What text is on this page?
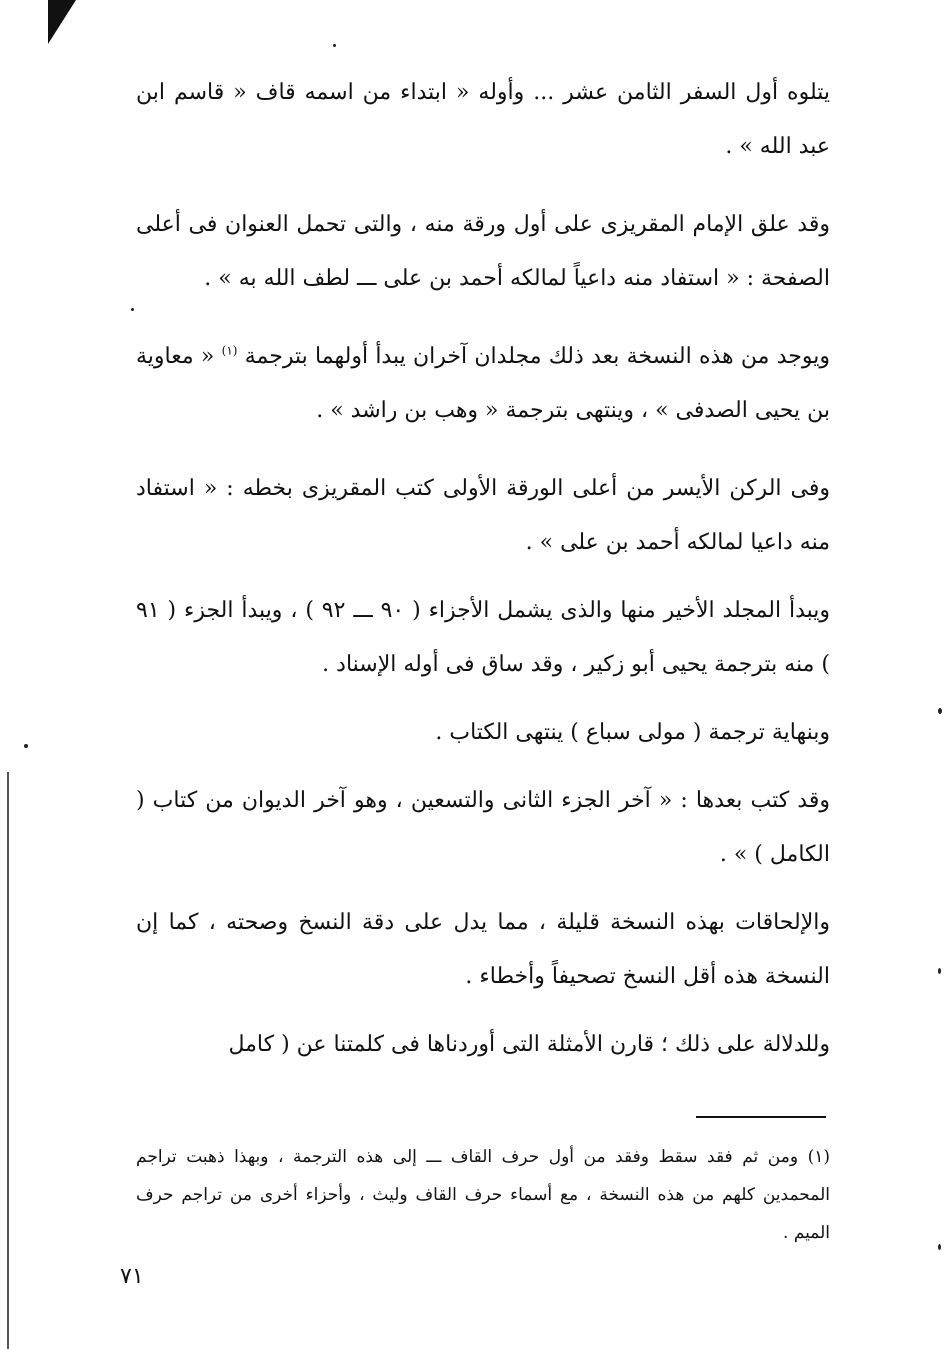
يتلوه أول السفر الثامن عشر ... وأوله « ابتداء من اسمه قاف « قاسم ابن عبد الله » .

وقد علق الإمام المقريزى على أول ورقة منه ، والتى تحمل العنوان فى أعلى الصفحة : « استفاد منه داعياً لمالكه أحمد بن على ـــ لطف الله به » .

ويوجد من هذه النسخة بعد ذلك مجلدان آخران يبدأ أولهما بترجمة $^{(١)}$ « معاوية بن يحيى الصدفى » ، وينتهى بترجمة « وهب بن راشد » .

وفى الركن الأيسر من أعلى الورقة الأولى كتب المقريزى بخطه : « استفاد منه داعيا لمالكه أحمد بن على » .

ويبدأ المجلد الأخير منها والذى يشمل الأجزاء ( ٩٠ ـــ ٩٢ ) ، ويبدأ الجزء ( ٩١ ) منه بترجمة يحيى أبو زكير ، وقد ساق فى أوله الإسناد .

وبنهاية ترجمة ( مولى سباع ) ينتهى الكتاب .

وقد كتب بعدها : « آخر الجزء الثانى والتسعين ، وهو آخر الديوان من كتاب ( الكامل ) » .

والإلحاقات بهذه النسخة قليلة ، مما يدل على دقة النسخ وصحته ، كما إن النسخة هذه أقل النسخ تصحيفاً وأخطاء .

وللدلالة على ذلك ؛ قارن الأمثلة التى أوردناها فى كلمتنا عن ( كامل

(١) ومن ثم فقد سقط وفقد من أول حرف القاف ـــ إلى هذه الترجمة ، وبهذا ذهبت تراجم المحمدين كلهم من هذه النسخة ، مع أسماء حرف القاف وليث ، وأحزاء أخرى من تراجم حرف الميم .
٧١
